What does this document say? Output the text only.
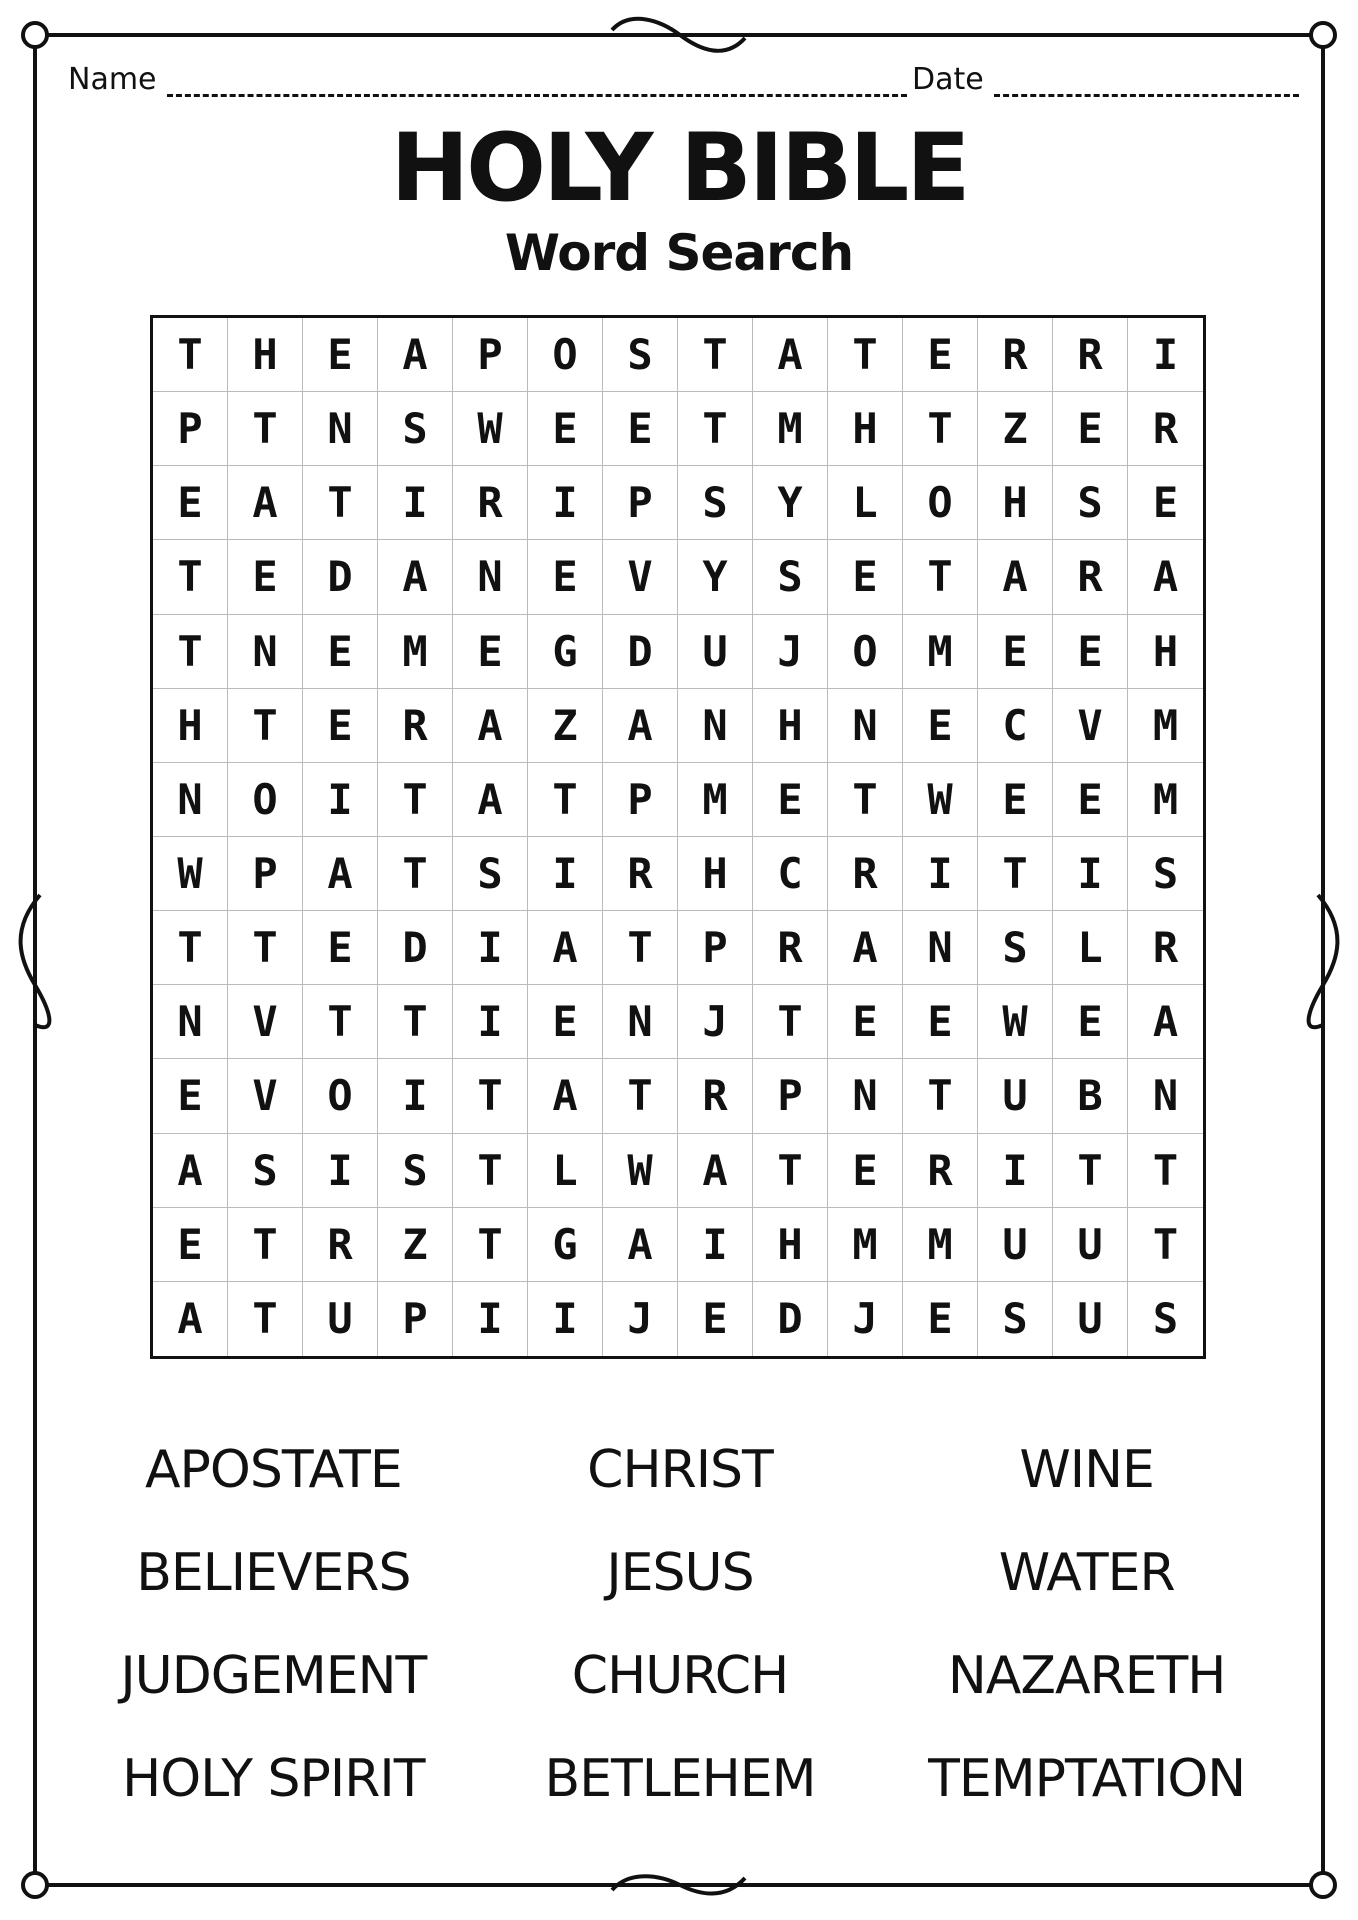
Name	Date
HOLY BIBLE
Word Search
T	H	E	A	P	O	S	T	A	T	E	R	R	I
P	T	N	S	W	E	E	T	M	H	T	Z	E	R
E	A	T	I	R	I	P	S	Y	L	O	H	S	E
T	E	D	A	N	E	V	Y	S	E	T	A	R	A
T	N	E	M	E	G	D	U	J	O	M	E	E	H
H	T	E	R	A	Z	A	N	H	N	E	C	V	M
N	O	I	T	A	T	P	M	E	T	W	E	E	M
W	P	A	T	S	I	R	H	C	R	I	T	I	S
T	T	E	D	I	A	T	P	R	A	N	S	L	R
N	V	T	T	I	E	N	J	T	E	E	W	E	A
E	V	O	I	T	A	T	R	P	N	T	U	B	N
A	S	I	S	T	L	W	A	T	E	R	I	T	T
E	T	R	Z	T	G	A	I	H	M	M	U	U	T
A	T	U	P	I	I	J	E	D	J	E	S	U	S
APOSTATE	CHRIST	WINE
BELIEVERS	JESUS	WATER
JUDGEMENT	CHURCH	NAZARETH
HOLY SPIRIT	BETLEHEM	TEMPTATION
